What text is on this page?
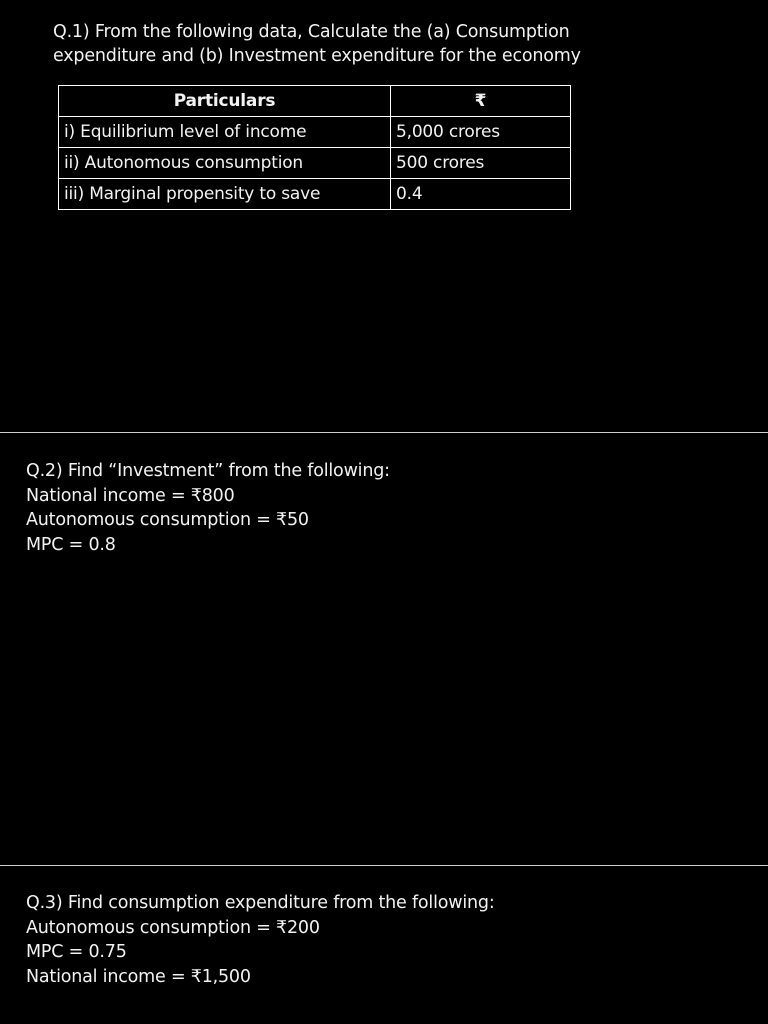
Q.1) From the following data, Calculate the (a) Consumption
expenditure and (b) Investment expenditure for the economy
Particulars	₹
i) Equilibrium level of income	5,000 crores
ii) Autonomous consumption	500 crores
iii) Marginal propensity to save	0.4
Q.2) Find “Investment” from the following:
National income = ₹800
Autonomous consumption = ₹50
MPC = 0.8
Q.3) Find consumption expenditure from the following:
Autonomous consumption = ₹200
MPC = 0.75
National income = ₹1,500
